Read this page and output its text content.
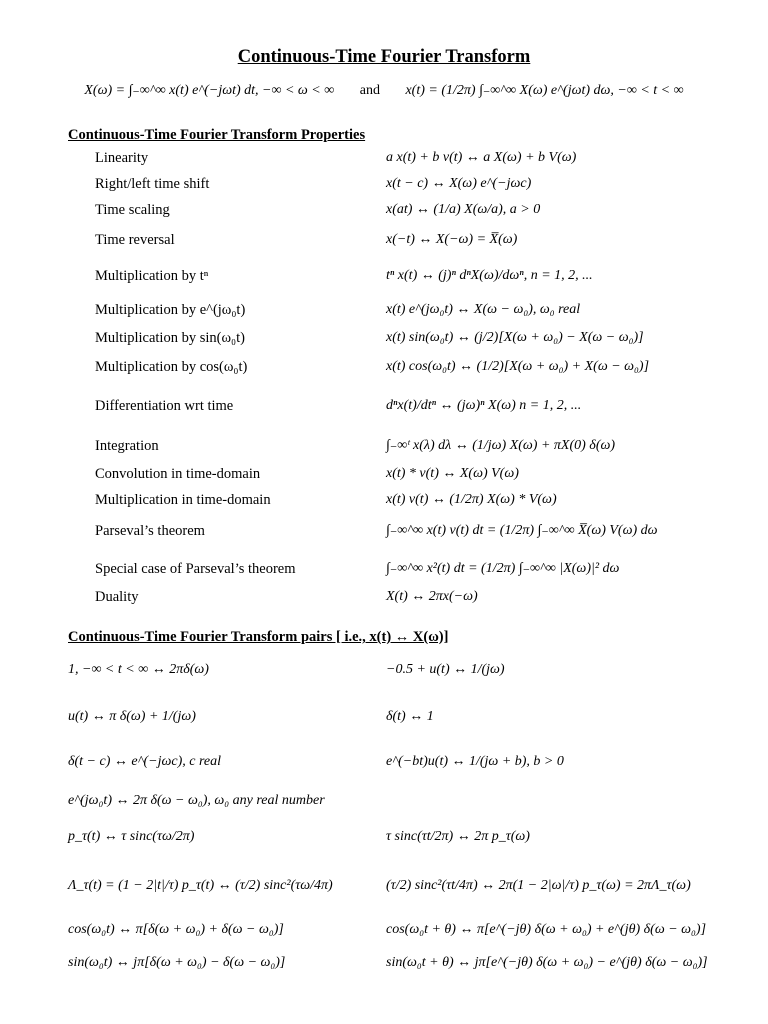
Continuous-Time Fourier Transform
X(ω) = ∫₋∞^∞ x(t) e^(−jωt) dt, −∞ < ω < ∞ and x(t) = (1/2π) ∫₋∞^∞ X(ω) e^(jωt) dω, −∞ < t < ∞
Continuous-Time Fourier Transform Properties
Linearity	a x(t) + b v(t) ↔ a X(ω) + b V(ω)
Right/left time shift	x(t − c) ↔ X(ω) e^(−jωc)
Time scaling	x(at) ↔ (1/a) X(ω/a), a > 0
Time reversal	x(−t) ↔ X(−ω) = X̅(ω)
Multiplication by tⁿ	tⁿ x(t) ↔ (j)ⁿ dⁿX(ω)/dωⁿ, n = 1, 2, ...
Multiplication by e^(jω₀t)	x(t) e^(jω₀t) ↔ X(ω − ω₀), ω₀ real
Multiplication by sin(ω₀t)	x(t) sin(ω₀t) ↔ (j/2)[X(ω + ω₀) − X(ω − ω₀)]
Multiplication by cos(ω₀t)	x(t) cos(ω₀t) ↔ (1/2)[X(ω + ω₀) + X(ω − ω₀)]
Differentiation wrt time	dⁿx(t)/dtⁿ ↔ (jω)ⁿ X(ω) n = 1, 2, ...
Integration	∫₋∞ᵗ x(λ) dλ ↔ (1/jω) X(ω) + πX(0) δ(ω)
Convolution in time-domain	x(t) * v(t) ↔ X(ω) V(ω)
Multiplication in time-domain	x(t) v(t) ↔ (1/2π) X(ω) * V(ω)
Parseval’s theorem	∫₋∞^∞ x(t) v(t) dt = (1/2π) ∫₋∞^∞ X̅(ω) V(ω) dω
Special case of Parseval’s theorem	∫₋∞^∞ x²(t) dt = (1/2π) ∫₋∞^∞ |X(ω)|² dω
Duality	X(t) ↔ 2πx(−ω)
Continuous-Time Fourier Transform pairs [ i.e., x(t) ↔ X(ω)]
1, −∞ < t < ∞ ↔ 2πδ(ω)	−0.5 + u(t) ↔ 1/(jω)
u(t) ↔ π δ(ω) + 1/(jω)	δ(t) ↔ 1
δ(t − c) ↔ e^(−jωc), c real	e^(−bt)u(t) ↔ 1/(jω + b), b > 0
e^(jω₀t) ↔ 2π δ(ω − ω₀), ω₀ any real number
p_τ(t) ↔ τ sinc(τω/2π)	τ sinc(τt/2π) ↔ 2π p_τ(ω)
Λ_τ(t) = (1 − 2|t|/τ) p_τ(t) ↔ (τ/2) sinc²(τω/4π)	(τ/2) sinc²(τt/4π) ↔ 2π(1 − 2|ω|/τ) p_τ(ω) = 2πΛ_τ(ω)
cos(ω₀t) ↔ π[δ(ω + ω₀) + δ(ω − ω₀)]	cos(ω₀t + θ) ↔ π[e^(−jθ) δ(ω + ω₀) + e^(jθ) δ(ω − ω₀)]
sin(ω₀t) ↔ jπ[δ(ω + ω₀) − δ(ω − ω₀)]	sin(ω₀t + θ) ↔ jπ[e^(−jθ) δ(ω + ω₀) − e^(jθ) δ(ω − ω₀)]
